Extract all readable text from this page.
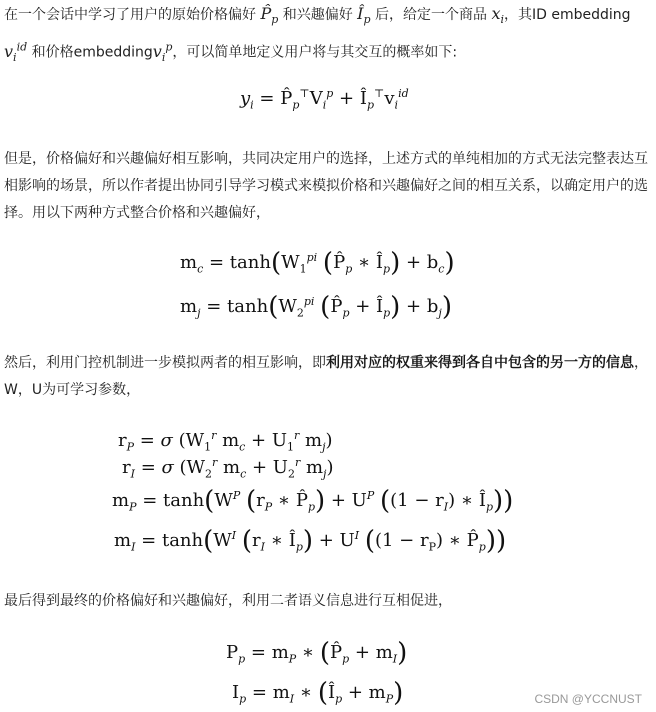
在一个会话中学习了用户的原始价格偏好 $P̂_p$ 和兴趣偏好 $Î_p$ 后，给定一个商品 $x_i$，其ID embedding $v_i^{id}$ 和价格embeddingv$_i^p$，可以简单地定义用户将与其交互的概率如下:

$y_i$ = $P̂_p^⊤V_i^p$ + $Î_p^⊤v_i^{id}$

但是，价格偏好和兴趣偏好相互影响，共同决定用户的选择，上述方式的单纯相加的方式无法完整表达互相影响的场景，所以作者提出协同引导学习模式来模拟价格和兴趣偏好之间的相互关系，以确定用户的选择。用以下两种方式整合价格和兴趣偏好，

$m_c = \tanh(W_1^{pi}$ ($P̂_p$ ∗ $Î_p) + b_c$)
$m_j = \tanh(W_2^{pi}$ ($P̂_p$ + $Î_p) + b_j$)

然后，利用门控机制进一步模拟两者的相互影响，即利用对应的权重来得到各自中包含的另一方的信息，W，U为可学习参数，

$r_P = \sigma$ ($W_1^r$ $m_c + U_1^r$ $m_j$)
$r_I = \sigma$ ($W_2^r$ $m_c + U_2^r$ $m_j$)
$m_P = \tanh(W^P$ ($r_P$ ∗ $P̂_p) + U^P$ ($(1 - r_I)$ ∗ $Î_p$))
$m_I = \tanh(W^I$ ($r_I$ ∗ $Î_p) + U^I$ ($(1 - r_P)$ ∗ $P̂_p$))

最后得到最终的价格偏好和兴趣偏好，利用二者语义信息进行互相促进，

$P_p = m_P$ ∗ $(P̂_p + m_I)$
$I_p = m_I$ ∗ $(Î_p + m_P)$	CSDN @YCCNUST
